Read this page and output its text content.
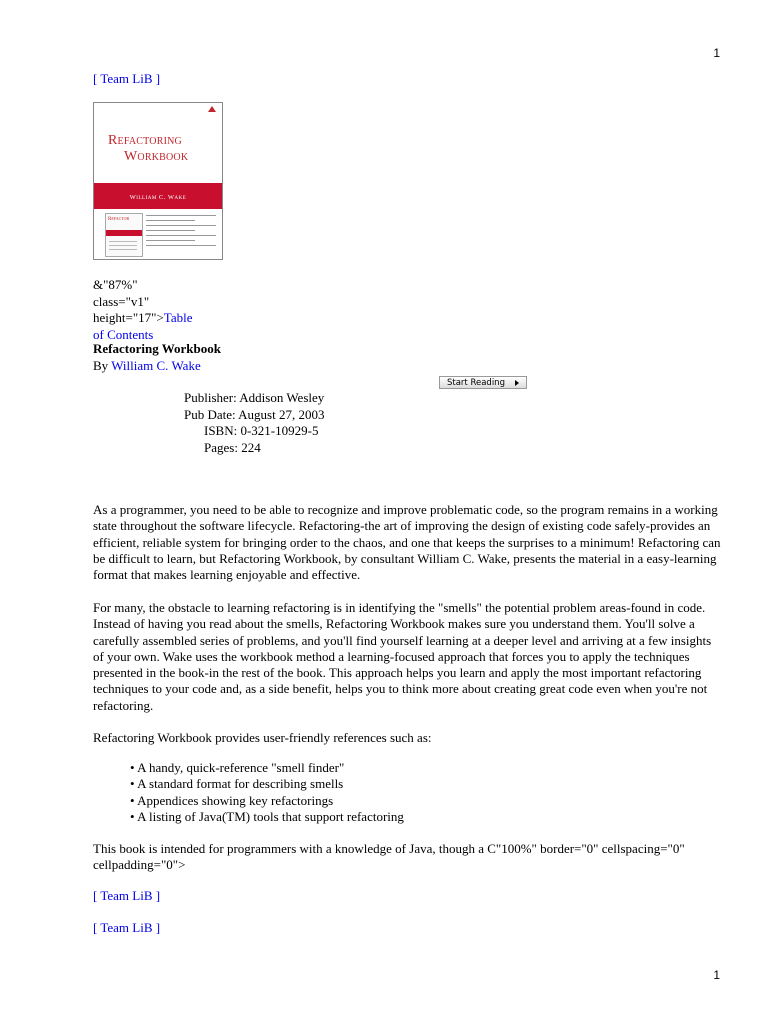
1
[ Team LiB ]
Refactoring
Workbook
William C. Wake
Refactor
&"87%"
class="v1"
height="17">Table
of Contents
Refactoring Workbook
By William C. Wake
Start Reading
Publisher: Addison Wesley
Pub Date: August 27, 2003
ISBN: 0-321-10929-5
Pages: 224

As a programmer, you need to be able to recognize and improve problematic code, so the program remains in a working state throughout the software lifecycle. Refactoring-the art of improving the design of existing code safely-provides an efficient, reliable system for bringing order to the chaos, and one that keeps the surprises to a minimum! Refactoring can be difficult to learn, but Refactoring Workbook, by consultant William C. Wake, presents the material in a easy-learning format that makes learning enjoyable and effective.

For many, the obstacle to learning refactoring is in identifying the "smells" the potential problem areas-found in code. Instead of having you read about the smells, Refactoring Workbook makes sure you understand them. You'll solve a carefully assembled series of problems, and you'll find yourself learning at a deeper level and arriving at a few insights of your own. Wake uses the workbook method a learning-focused approach that forces you to apply the techniques presented in the book-in the rest of the book. This approach helps you learn and apply the most important refactoring techniques to your code and, as a side benefit, helps you to think more about creating great code even when you're not refactoring.

Refactoring Workbook provides user-friendly references such as:

• A handy, quick-reference "smell finder"
• A standard format for describing smells
• Appendices showing key refactorings
• A listing of Java(TM) tools that support refactoring

This book is intended for programmers with a knowledge of Java, though a C"100%" border="0" cellspacing="0" cellpadding="0">

[ Team LiB ]
[ Team LiB ]
1
